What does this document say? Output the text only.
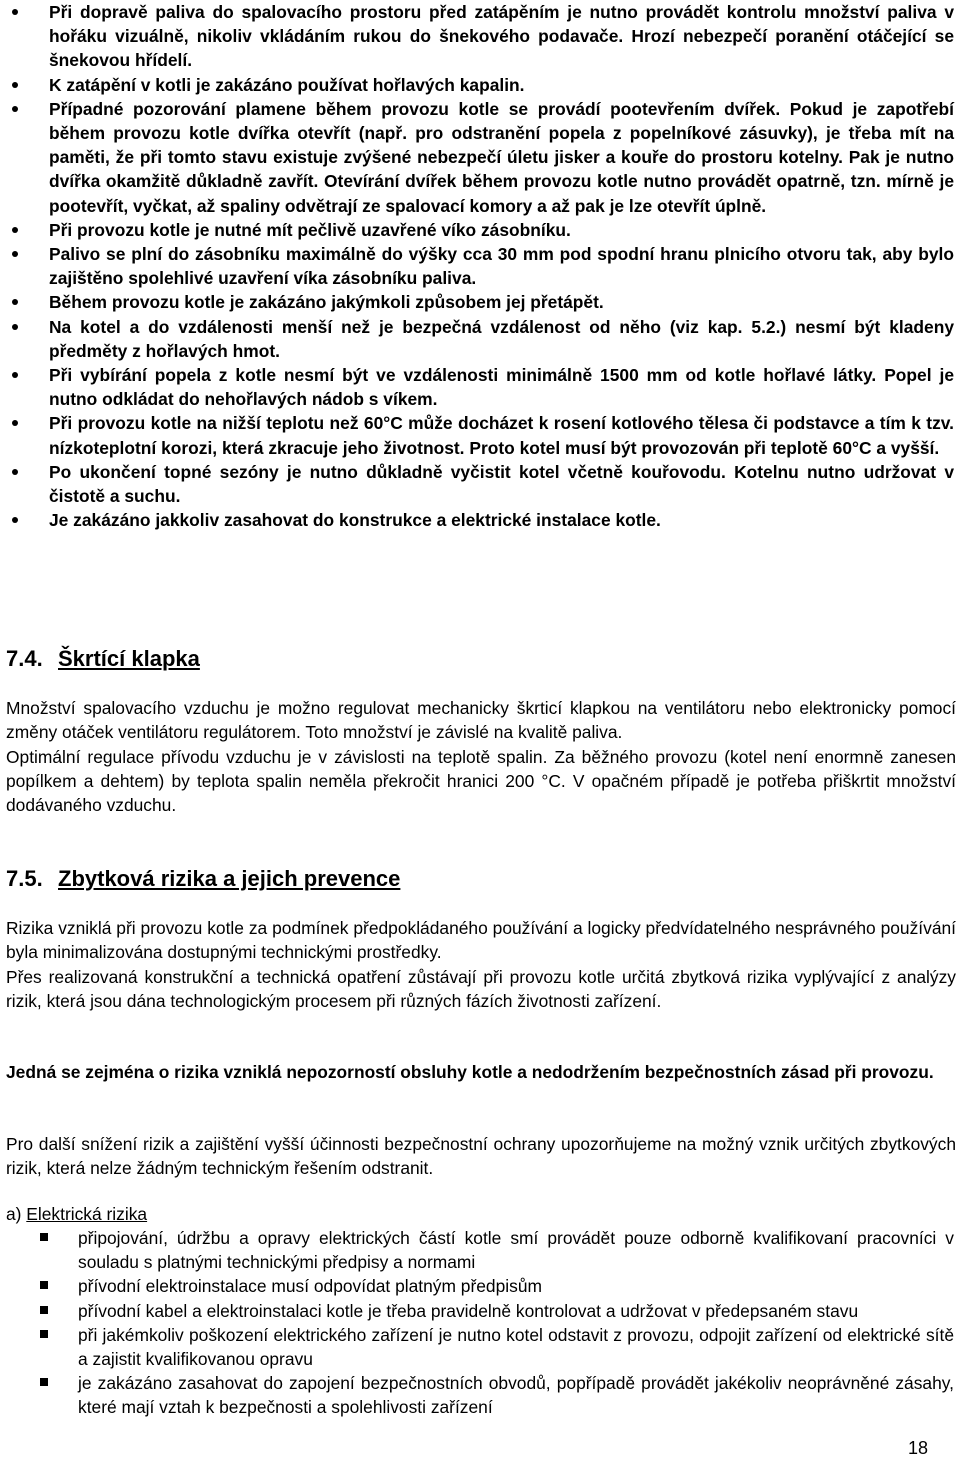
Při dopravě paliva do spalovacího prostoru před zatápěním je nutno provádět kontrolu množství paliva v hořáku vizuálně, nikoliv vkládáním rukou do šnekového podavače. Hrozí nebezpečí poranění otáčející se šnekovou hřídelí.
K zatápění v kotli je zakázáno používat hořlavých kapalin.
Případné pozorování plamene během provozu kotle se provádí pootevřením dvířek. Pokud je zapotřebí během provozu kotle dvířka otevřít (např. pro odstranění popela z popelníkové zásuvky), je třeba mít na paměti, že při tomto stavu existuje zvýšené nebezpečí úletu jisker a kouře do prostoru kotelny. Pak je nutno dvířka okamžitě důkladně zavřít. Otevírání dvířek během provozu kotle nutno provádět opatrně, tzn. mírně je pootevřít, vyčkat, až spaliny odvětrají ze spalovací komory a až pak je lze otevřít úplně.
Při provozu kotle je nutné mít pečlivě uzavřené víko zásobníku.
Palivo se plní do zásobníku maximálně do výšky cca 30 mm pod spodní hranu plnicího otvoru tak, aby bylo zajištěno spolehlivé uzavření víka zásobníku paliva.
Během provozu kotle je zakázáno jakýmkoli způsobem jej přetápět.
Na kotel a do vzdálenosti menší než je bezpečná vzdálenost od něho (viz kap. 5.2.) nesmí být kladeny předměty z hořlavých hmot.
Při vybírání popela z kotle nesmí být ve vzdálenosti minimálně 1500 mm od kotle hořlavé látky. Popel je nutno odkládat do nehořlavých nádob s víkem.
Při provozu kotle na nižší teplotu než 60°C může docházet k rosení kotlového tělesa či podstavce a tím k tzv. nízkoteplotní korozi, která zkracuje jeho životnost. Proto kotel musí být provozován při teplotě 60°C a vyšší.
Po ukončení topné sezóny je nutno důkladně vyčistit kotel včetně kouřovodu. Kotelnu nutno udržovat v čistotě a suchu.
Je zakázáno jakkoliv zasahovat do konstrukce a elektrické instalace kotle.
7.4. Škrtící klapka

Množství spalovacího vzduchu je možno regulovat mechanicky škrticí klapkou na ventilátoru nebo elektronicky pomocí změny otáček ventilátoru regulátorem. Toto množství je závislé na kvalitě paliva.

Optimální regulace přívodu vzduchu je v závislosti na teplotě spalin. Za běžného provozu (kotel není enormně zanesen popílkem a dehtem) by teplota spalin neměla překročit hranici 200 °C. V opačném případě je potřeba přiškrtit množství dodávaného vzduchu.

7.5. Zbytková rizika a jejich prevence

Rizika vzniklá při provozu kotle za podmínek předpokládaného používání a logicky předvídatelného nesprávného používání byla minimalizována dostupnými technickými prostředky.

Přes realizovaná konstrukční a technická opatření zůstávají při provozu kotle určitá zbytková rizika vyplývající z analýzy rizik, která jsou dána technologickým procesem při různých fázích životnosti zařízení.

Jedná se zejména o rizika vzniklá nepozorností obsluhy kotle a nedodržením bezpečnostních zásad při provozu.

Pro další snížení rizik a zajištění vyšší účinnosti bezpečnostní ochrany upozorňujeme na možný vznik určitých zbytkových rizik, která nelze žádným technickým řešením odstranit.

a) Elektrická rizika
připojování, údržbu a opravy elektrických částí kotle smí provádět pouze odborně kvalifikovaní pracovníci v souladu s platnými technickými předpisy a normami
přívodní elektroinstalace musí odpovídat platným předpisům
přívodní kabel a elektroinstalaci kotle je třeba pravidelně kontrolovat a udržovat v předepsaném stavu
při jakémkoliv poškození elektrického zařízení je nutno kotel odstavit z provozu, odpojit zařízení od elektrické sítě a zajistit kvalifikovanou opravu
je zakázáno zasahovat do zapojení bezpečnostních obvodů, popřípadě provádět jakékoliv neoprávněné zásahy, které mají vztah k bezpečnosti a spolehlivosti zařízení
18
